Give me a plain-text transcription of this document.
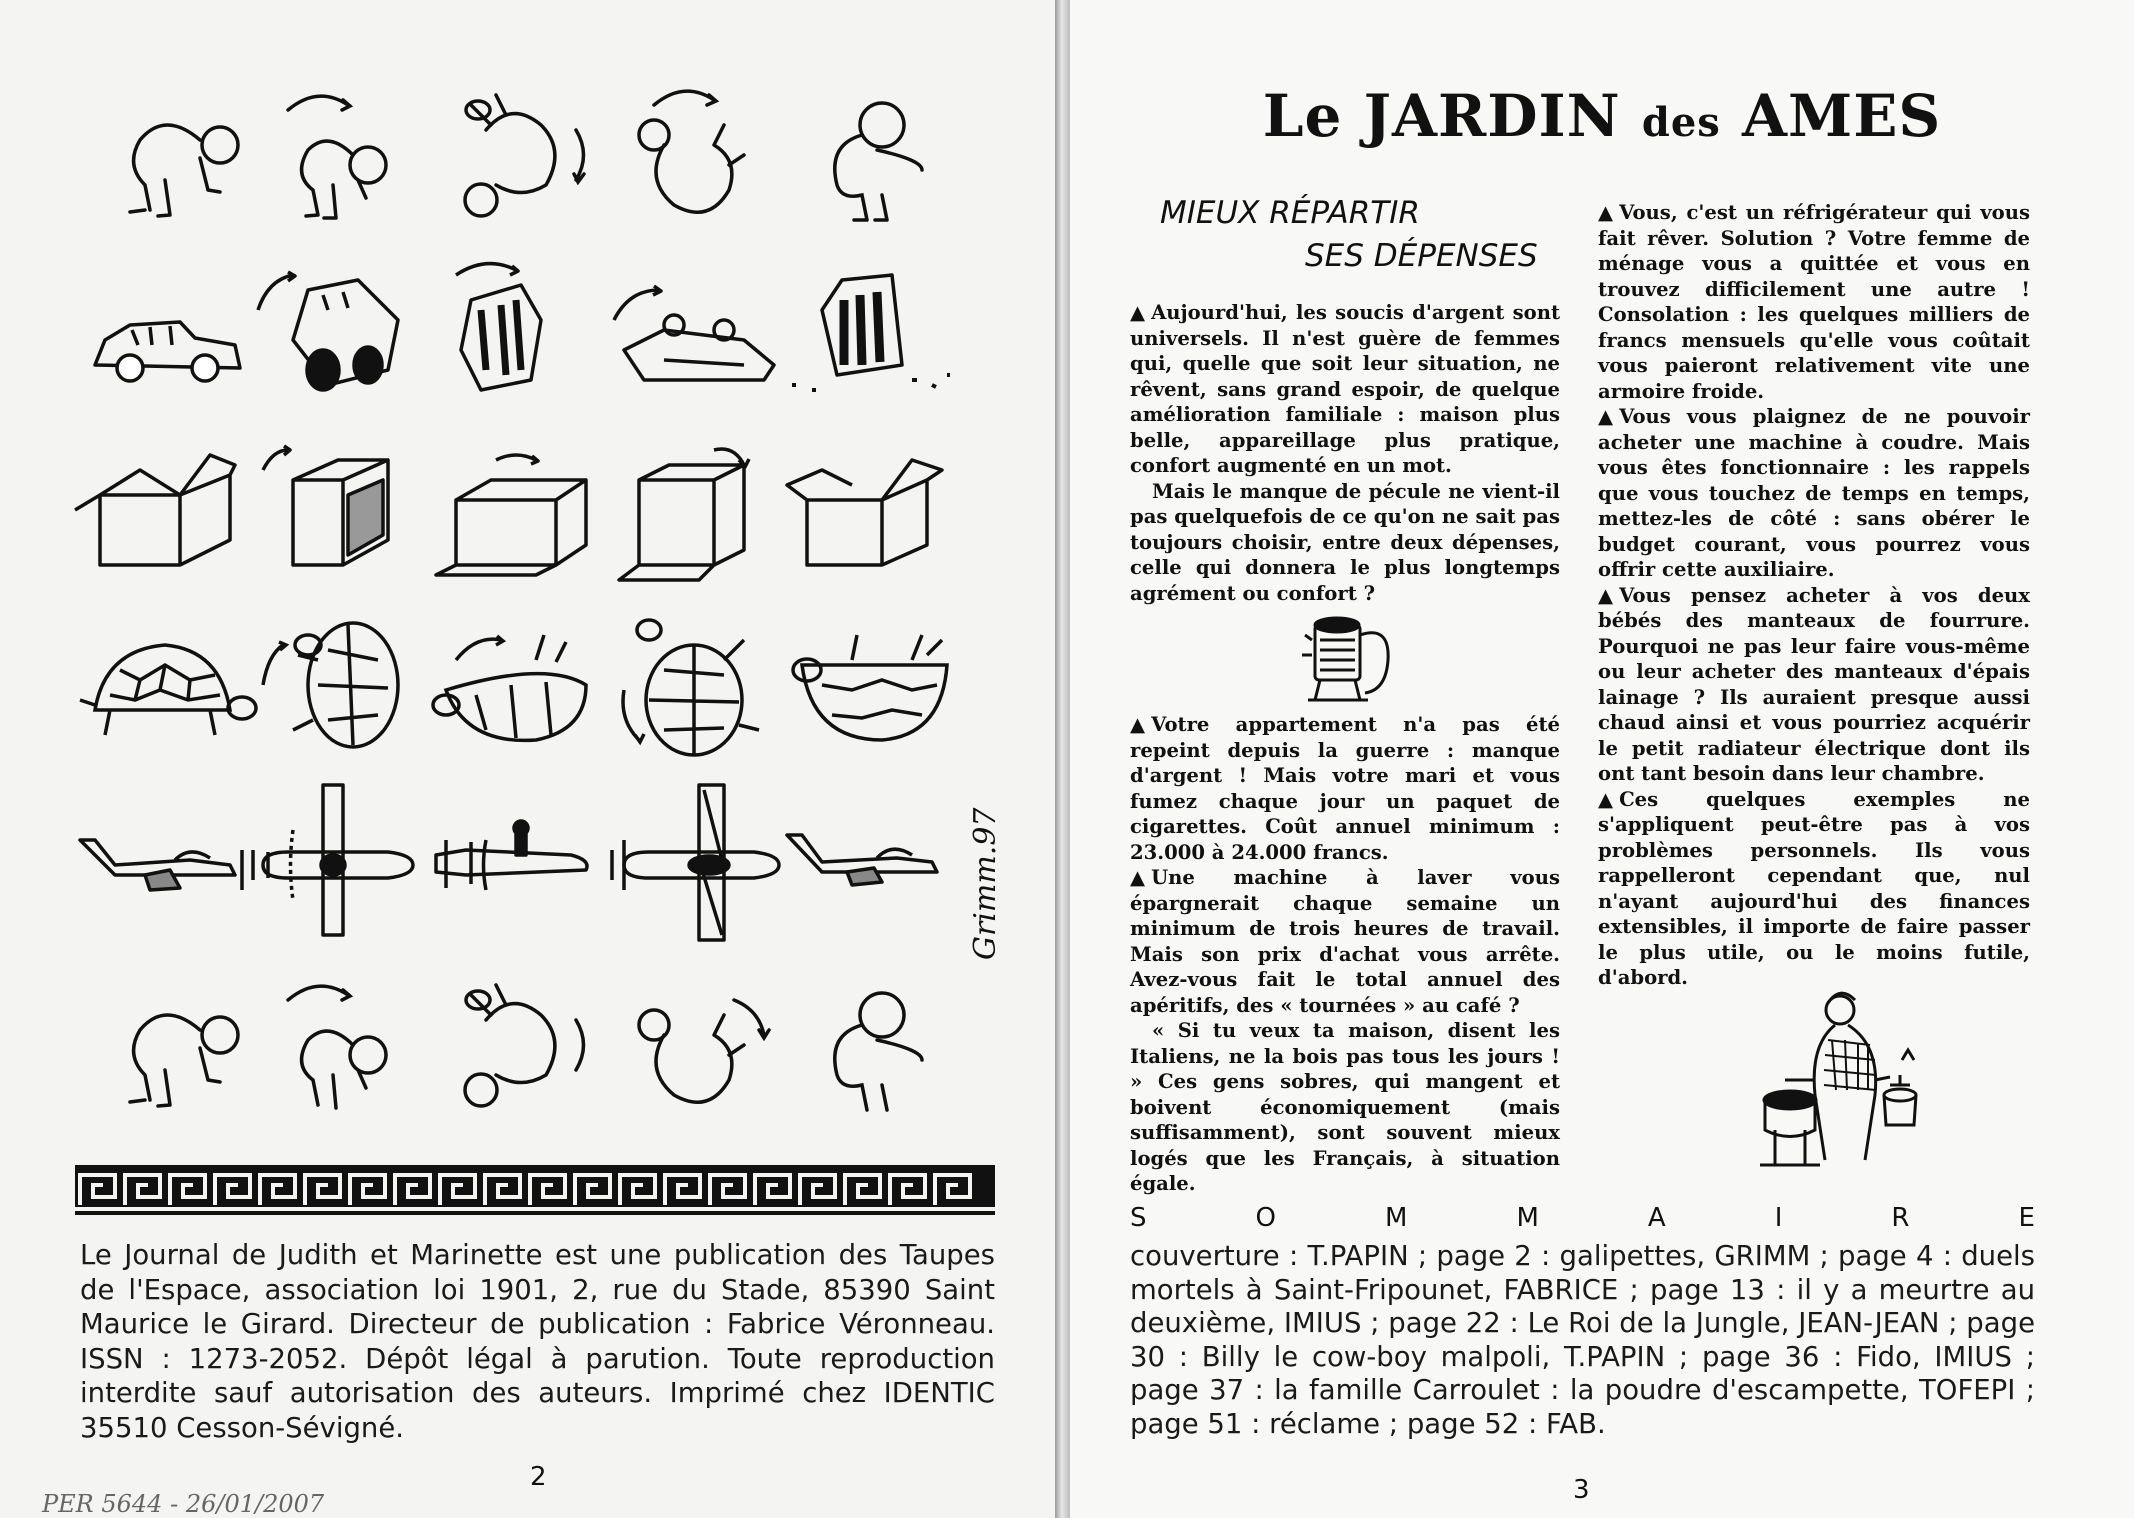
Grimm.97
Le Journal de Judith et Marinette est une publication des Taupes de l'Espace, association loi 1901, 2, rue du Stade, 85390 Saint Maurice le Girard. Directeur de publication : Fabrice Véronneau. ISSN : 1273-2052. Dépôt légal à parution. Toute reproduction interdite sauf autorisation des auteurs. Imprimé chez IDENTIC 35510 Cesson-Sévigné.
2
PER 5644 - 26/01/2007
Le JARDIN des AMES
MIEUX RÉPARTIR
SES DÉPENSES

▲ Aujourd'hui, les soucis d'argent sont universels. Il n'est guère de femmes qui, quelle que soit leur situation, ne rêvent, sans grand espoir, de quelque amélioration familiale : maison plus belle, appareillage plus pratique, confort augmenté en un mot.

Mais le manque de pécule ne vient-il pas quelquefois de ce qu'on ne sait pas toujours choisir, entre deux dépenses, celle qui donnera le plus longtemps agrément ou confort ?

▲ Votre appartement n'a pas été repeint depuis la guerre : manque d'argent ! Mais votre mari et vous fumez chaque jour un paquet de cigarettes. Coût annuel minimum : 23.000 à 24.000 francs.

▲ Une machine à laver vous épargnerait chaque semaine un minimum de trois heures de travail. Mais son prix d'achat vous arrête. Avez-vous fait le total annuel des apéritifs, des « tournées » au café ?

« Si tu veux ta maison, disent les Italiens, ne la bois pas tous les jours ! » Ces gens sobres, qui mangent et boivent économiquement (mais suffisamment), sont souvent mieux logés que les Français, à situation égale.

▲ Vous, c'est un réfrigérateur qui vous fait rêver. Solution ? Votre femme de ménage vous a quittée et vous en trouvez difficilement une autre ! Consolation : les quelques milliers de francs mensuels qu'elle vous coûtait vous paieront relativement vite une armoire froide.

▲ Vous vous plaignez de ne pouvoir acheter une machine à coudre. Mais vous êtes fonctionnaire : les rappels que vous touchez de temps en temps, mettez-les de côté : sans obérer le budget courant, vous pourrez vous offrir cette auxiliaire.

▲ Vous pensez acheter à vos deux bébés des manteaux de fourrure. Pourquoi ne pas leur faire vous-même ou leur acheter des manteaux d'épais lainage ? Ils auraient presque aussi chaud ainsi et vous pourriez acquérir le petit radiateur électrique dont ils ont tant besoin dans leur chambre.

▲ Ces quelques exemples ne s'appliquent peut-être pas à vos problèmes personnels. Ils vous rappelleront cependant que, nul n'ayant aujourd'hui des finances extensibles, il importe de faire passer le plus utile, ou le moins futile, d'abord.

S	O	M	M	A	I	R	E
couverture : T.PAPIN ; page 2 : galipettes, GRIMM ; page 4 : duels mortels à Saint-Fripounet, FABRICE ; page 13 : il y a meurtre au deuxième, IMIUS ; page 22 : Le Roi de la Jungle, JEAN-JEAN ; page 30 : Billy le cow-boy malpoli, T.PAPIN ; page 36 : Fido, IMIUS ; page 37 : la famille Carroulet : la poudre d'escampette, TOFEPI ; page 51 : réclame ; page 52 : FAB.
3
